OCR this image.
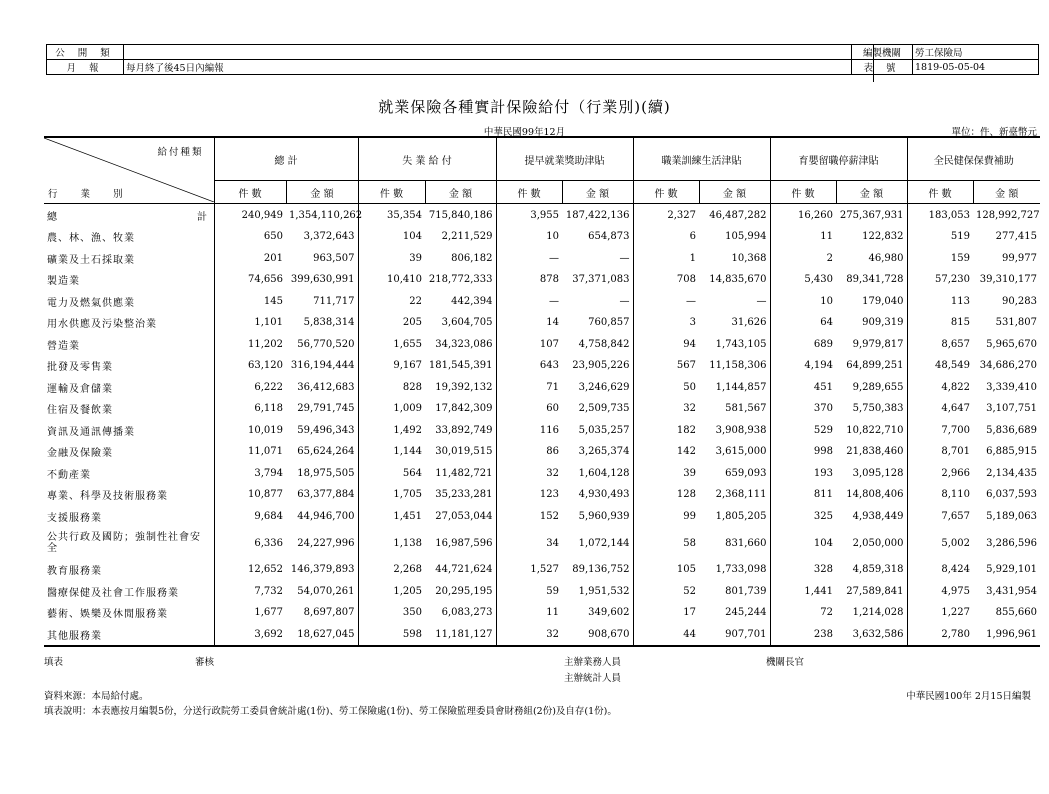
公 開 類	
月 報	每月終了後45日內編報
編製機關	勞工保險局
表 號	1819-05-05-04
就業保險各種實計保險給付（行業別)(續)
中華民國99年12月	單位：件、新臺幣元
給付種類
行 業 別	總 計		失 業 給 付		提早就業獎助津貼		職業訓練生活津貼		育嬰留職停薪津貼		全民健保保費補助	
	件 數	金 額	件 數	金 額	件 數	金 額	件 數	金 額	件 數	金 額	件 數	金 額
總 計	240,949	1,354,110,262	35,354	715,840,186	3,955	187,422,136	2,327	46,487,282	16,260	275,367,931	183,053	128,992,727
農、林、漁、牧業	650	3,372,643	104	2,211,529	10	654,873	6	105,994	11	122,832	519	277,415
礦業及土石採取業	201	963,507	39	806,182	—	—	1	10,368	2	46,980	159	99,977
製造業	74,656	399,630,991	10,410	218,772,333	878	37,371,083	708	14,835,670	5,430	89,341,728	57,230	39,310,177
電力及燃氣供應業	145	711,717	22	442,394	—	—	—	—	10	179,040	113	90,283
用水供應及污染整治業	1,101	5,838,314	205	3,604,705	14	760,857	3	31,626	64	909,319	815	531,807
營造業	11,202	56,770,520	1,655	34,323,086	107	4,758,842	94	1,743,105	689	9,979,817	8,657	5,965,670
批發及零售業	63,120	316,194,444	9,167	181,545,391	643	23,905,226	567	11,158,306	4,194	64,899,251	48,549	34,686,270
運輸及倉儲業	6,222	36,412,683	828	19,392,132	71	3,246,629	50	1,144,857	451	9,289,655	4,822	3,339,410
住宿及餐飲業	6,118	29,791,745	1,009	17,842,309	60	2,509,735	32	581,567	370	5,750,383	4,647	3,107,751
資訊及通訊傳播業	10,019	59,496,343	1,492	33,892,749	116	5,035,257	182	3,908,938	529	10,822,710	7,700	5,836,689
金融及保險業	11,071	65,624,264	1,144	30,019,515	86	3,265,374	142	3,615,000	998	21,838,460	8,701	6,885,915
不動產業	3,794	18,975,505	564	11,482,721	32	1,604,128	39	659,093	193	3,095,128	2,966	2,134,435
專業、科學及技術服務業	10,877	63,377,884	1,705	35,233,281	123	4,930,493	128	2,368,111	811	14,808,406	8,110	6,037,593
支援服務業	9,684	44,946,700	1,451	27,053,044	152	5,960,939	99	1,805,205	325	4,938,449	7,657	5,189,063
公共行政及國防；強制性社會安全	6,336	24,227,996	1,138	16,987,596	34	1,072,144	58	831,660	104	2,050,000	5,002	3,286,596
教育服務業	12,652	146,379,893	2,268	44,721,624	1,527	89,136,752	105	1,733,098	328	4,859,318	8,424	5,929,101
醫療保健及社會工作服務業	7,732	54,070,261	1,205	20,295,195	59	1,951,532	52	801,739	1,441	27,589,841	4,975	3,431,954
藝術、娛樂及休閒服務業	1,677	8,697,807	350	6,083,273	11	349,602	17	245,244	72	1,214,028	1,227	855,660
其他服務業	3,692	18,627,045	598	11,181,127	32	908,670	44	907,701	238	3,632,586	2,780	1,996,961
填表	審核	主辦業務人員
主辦統計人員
機關長官
資料來源：本局給付處。	中華民國100年 2月15日編製
填表說明：本表應按月編製5份，分送行政院勞工委員會統計處(1份)、勞工保險處(1份)、勞工保險監理委員會財務組(2份)及自存(1份)。
